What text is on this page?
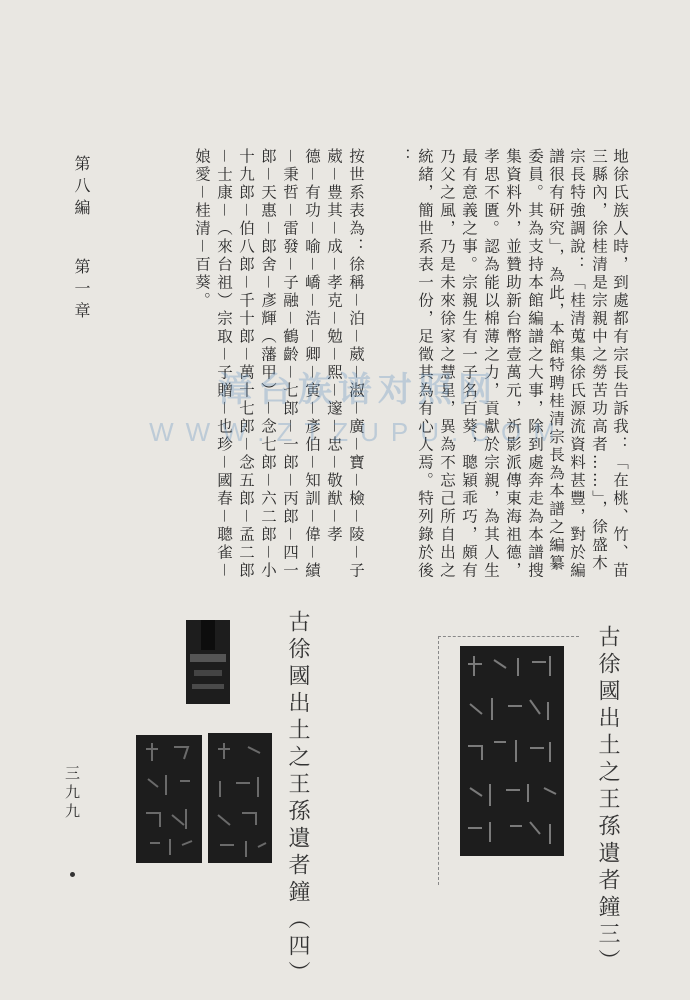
地徐氏族人時，到處都有宗長告訴我：「在桃、竹、苗
三縣內，徐桂清是宗親中之勞苦功高者……」，徐盛木
宗長特強調說：「桂清蒐集徐氏源流資料甚豐，對於編
譜很有研究」，為此，本館特聘桂清宗長為本譜之編纂
委員。其為支持本館編譜之大事，除到處奔走為本譜搜
集資料外，並贊助新台幣壹萬元，祈影派傳東海祖德，
孝思不匱。認為能以棉薄之力，貢獻於宗親，為其人生
最有意義之事。宗親生有一子名百葵，聰穎乖巧，頗有
乃父之風，乃是未來徐家之慧星，異為不忘己所自出之
統緒，簡世系表一份，足徵其為有心人焉。特列錄於後
：
按世系表為：徐稱－泊－葳－淑－廣－寶－檢－陵－子
葳－豊其－成－孝克－勉－熙－邃－忠－敬猷－孝
德－有功－喻－嶠－浩－卿－寅－彥伯－知訓－偉－績
－秉哲－雷發－子融－鶴齡－七郎－一郎－丙郎－四一
郎－天惠－郎舍－彥輝（藩甲）－念七郎－六二郎－小
十九郎－伯八郎－千十郎－萬十七郎－念五郎－孟二郎
－士康－（來台祖）宗取－子贈－也珍－國春－聰雀－
娘愛－桂清－百葵。
第八編
第一章
三九九	古徐國出土之王孫遺者鐘（四）	古徐國出土之王孫遺者鐘三）
漳台族谱对照网
WWW.ZTZUPU.COM
